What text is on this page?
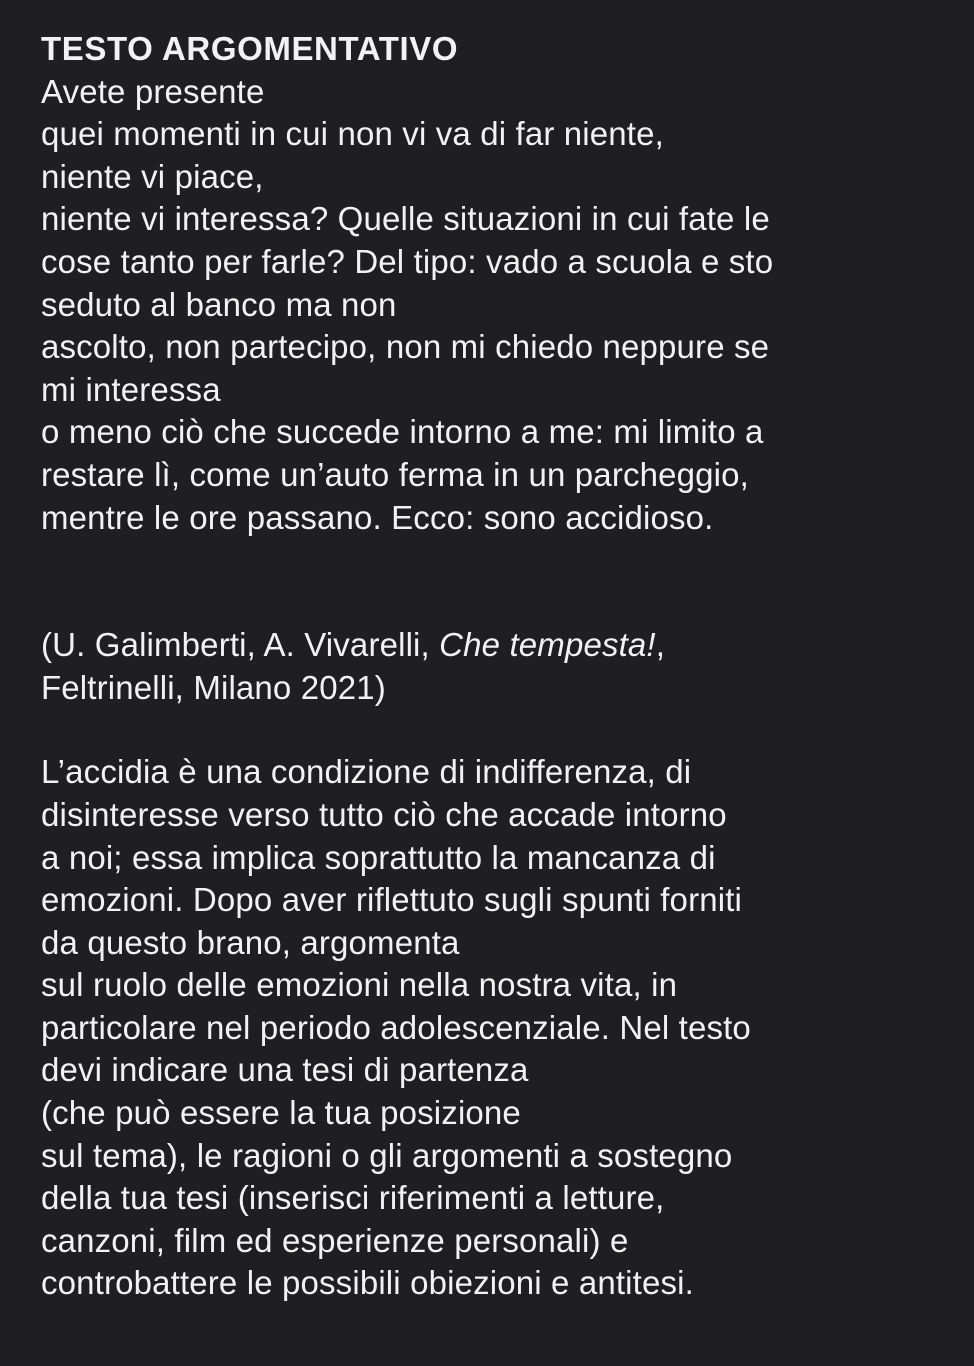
TESTO ARGOMENTATIVO
Avete presente
quei momenti in cui non vi va di far niente,
niente vi piace,
niente vi interessa? Quelle situazioni in cui fate le
cose tanto per farle? Del tipo: vado a scuola e sto
seduto al banco ma non
ascolto, non partecipo, non mi chiedo neppure se
mi interessa
o meno ciò che succede intorno a me: mi limito a
restare lì, come un’auto ferma in un parcheggio,
mentre le ore passano. Ecco: sono accidioso.
(U. Galimberti, A. Vivarelli, Che tempesta!,
Feltrinelli, Milano 2021)
L’accidia è una condizione di indifferenza, di
disinteresse verso tutto ciò che accade intorno
a noi; essa implica soprattutto la mancanza di
emozioni. Dopo aver riflettuto sugli spunti forniti
da questo brano, argomenta
sul ruolo delle emozioni nella nostra vita, in
particolare nel periodo adolescenziale. Nel testo
devi indicare una tesi di partenza
(che può essere la tua posizione
sul tema), le ragioni o gli argomenti a sostegno
della tua tesi (inserisci riferimenti a letture,
canzoni, film ed esperienze personali) e
controbattere le possibili obiezioni e antitesi.
